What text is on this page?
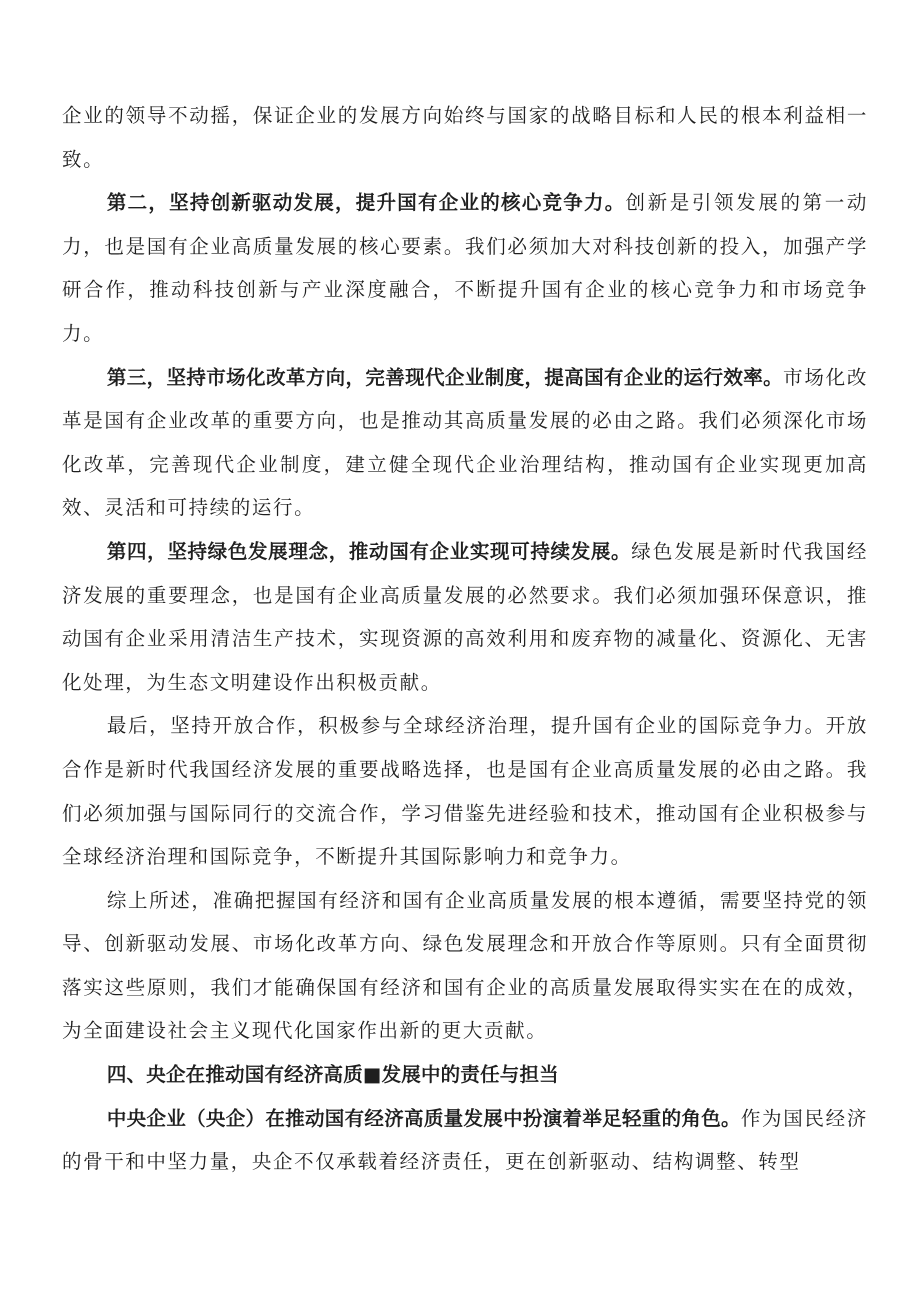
企业的领导不动摇，保证企业的发展方向始终与国家的战略目标和人民的根本利益相一致。

第二，坚持创新驱动发展，提升国有企业的核心竞争力。创新是引领发展的第一动力，也是国有企业高质量发展的核心要素。我们必须加大对科技创新的投入，加强产学研合作，推动科技创新与产业深度融合，不断提升国有企业的核心竞争力和市场竞争力。

第三，坚持市场化改革方向，完善现代企业制度，提高国有企业的运行效率。市场化改革是国有企业改革的重要方向，也是推动其高质量发展的必由之路。我们必须深化市场化改革，完善现代企业制度，建立健全现代企业治理结构，推动国有企业实现更加高效、灵活和可持续的运行。

第四，坚持绿色发展理念，推动国有企业实现可持续发展。绿色发展是新时代我国经济发展的重要理念，也是国有企业高质量发展的必然要求。我们必须加强环保意识，推动国有企业采用清洁生产技术，实现资源的高效利用和废弃物的减量化、资源化、无害化处理，为生态文明建设作出积极贡献。

最后，坚持开放合作，积极参与全球经济治理，提升国有企业的国际竞争力。开放合作是新时代我国经济发展的重要战略选择，也是国有企业高质量发展的必由之路。我们必须加强与国际同行的交流合作，学习借鉴先进经验和技术，推动国有企业积极参与全球经济治理和国际竞争，不断提升其国际影响力和竞争力。

综上所述，准确把握国有经济和国有企业高质量发展的根本遵循，需要坚持党的领导、创新驱动发展、市场化改革方向、绿色发展理念和开放合作等原则。只有全面贯彻落实这些原则，我们才能确保国有经济和国有企业的高质量发展取得实实在在的成效，为全面建设社会主义现代化国家作出新的更大贡献。

四、央企在推动国有经济高质■发展中的责任与担当

中央企业（央企）在推动国有经济高质量发展中扮演着举足轻重的角色。作为国民经济的骨干和中坚力量，央企不仅承载着经济责任，更在创新驱动、结构调整、转型
